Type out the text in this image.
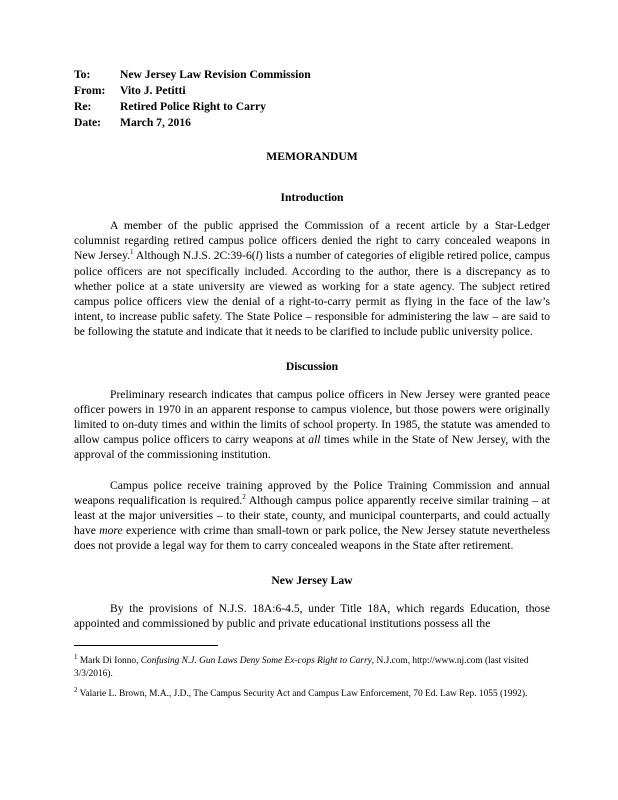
To:	New Jersey Law Revision Commission
From:	Vito J. Petitti
Re:	Retired Police Right to Carry
Date:	March 7, 2016
MEMORANDUM
Introduction

A member of the public apprised the Commission of a recent article by a Star-Ledger columnist regarding retired campus police officers denied the right to carry concealed weapons in New Jersey.$^1$ Although N.J.S. 2C:39-6(l) lists a number of categories of eligible retired police, campus police officers are not specifically included. According to the author, there is a discrepancy as to whether police at a state university are viewed as working for a state agency. The subject retired campus police officers view the denial of a right-to-carry permit as flying in the face of the law’s intent, to increase public safety. The State Police – responsible for administering the law – are said to be following the statute and indicate that it needs to be clarified to include public university police.

Discussion

Preliminary research indicates that campus police officers in New Jersey were granted peace officer powers in 1970 in an apparent response to campus violence, but those powers were originally limited to on-duty times and within the limits of school property. In 1985, the statute was amended to allow campus police officers to carry weapons at all times while in the State of New Jersey, with the approval of the commissioning institution.

Campus police receive training approved by the Police Training Commission and annual weapons requalification is required.$^2$ Although campus police apparently receive similar training – at least at the major universities – to their state, county, and municipal counterparts, and could actually have more experience with crime than small-town or park police, the New Jersey statute nevertheless does not provide a legal way for them to carry concealed weapons in the State after retirement.

New Jersey Law

By the provisions of N.J.S. 18A:6-4.5, under Title 18A, which regards Education, those appointed and commissioned by public and private educational institutions possess all the

$^1$ Mark Di Ionno, Confusing N.J. Gun Laws Deny Some Ex-cops Right to Carry, N.J.com, http://www.nj.com (last visited 3/3/2016).

$^2$ Valarie L. Brown, M.A., J.D., The Campus Security Act and Campus Law Enforcement, 70 Ed. Law Rep. 1055 (1992).
